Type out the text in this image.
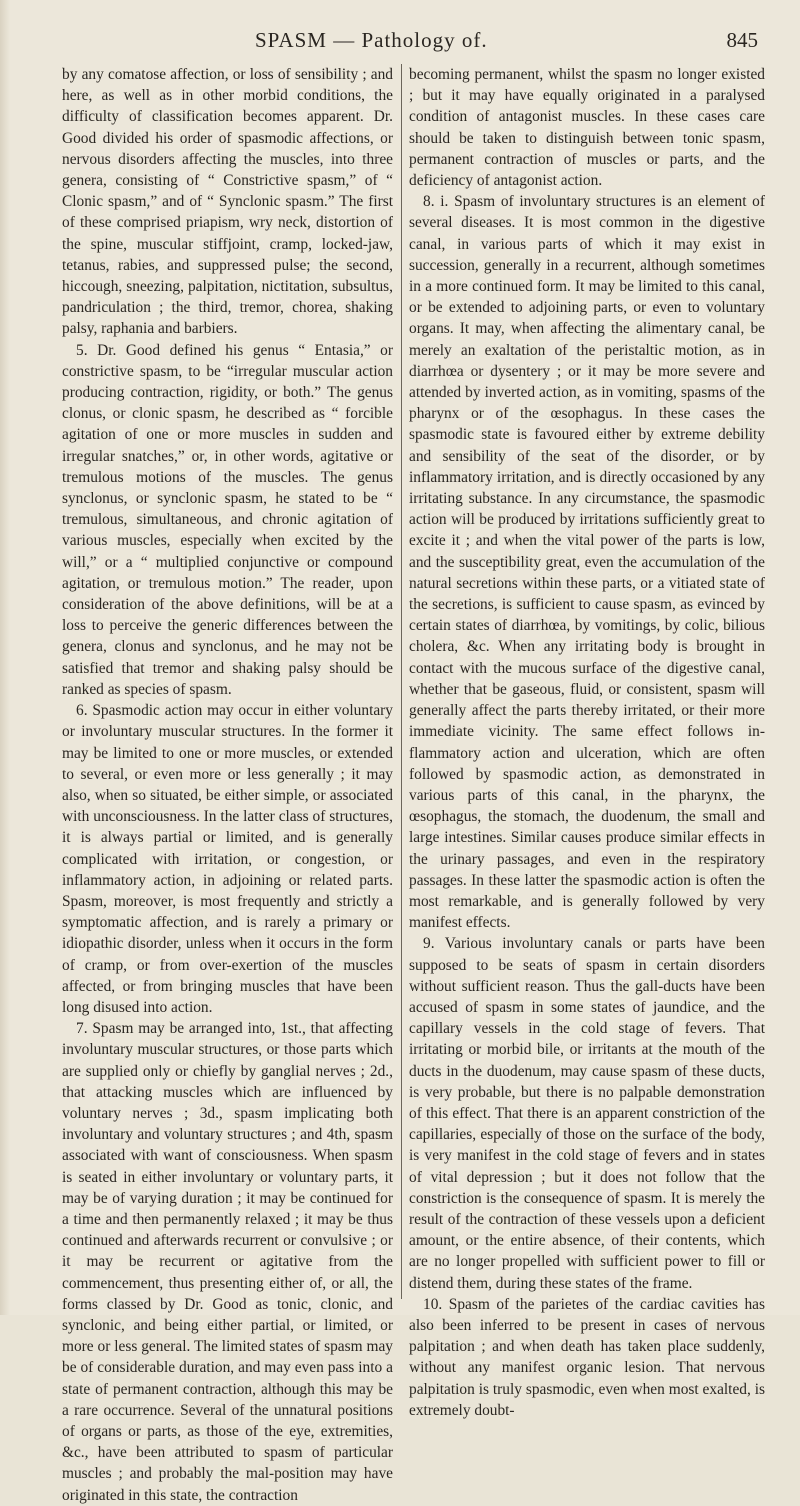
SPASM — Pathology of.	845

by any comatose affection, or loss of sensibility ; and here, as well as in other morbid conditions, the difficulty of classification becomes apparent. Dr. Good divided his order of spasmodic affections, or nervous disorders affecting the muscles, into three genera, consisting of “ Constrictive spasm,” of “ Clonic spasm,” and of “ Synclonic spasm.” The first of these comprised priapism, wry neck, distortion of the spine, muscular stiffjoint, cramp, locked-jaw, tetanus, rabies, and suppressed pulse; the second, hiccough, sneezing, palpitation, nictitation, subsultus, pandriculation ; the third, tremor, chorea, shaking palsy, raphania and barbiers.

5. Dr. Good defined his genus “ Entasia,” or constrictive spasm, to be “irregular muscular action producing contraction, rigidity, or both.” The genus clonus, or clonic spasm, he described as “ forcible agitation of one or more muscles in sudden and irregular snatches,” or, in other words, agitative or tremulous motions of the muscles. The genus synclonus, or synclonic spasm, he stated to be “ tremulous, simultaneous, and chronic agitation of various muscles, especially when excited by the will,” or a “ multiplied conjunctive or compound agitation, or tremulous motion.” The reader, upon consideration of the above definitions, will be at a loss to perceive the generic differences between the genera, clonus and synclonus, and he may not be satisfied that tremor and shaking palsy should be ranked as species of spasm.

6. Spasmodic action may occur in either voluntary or involuntary muscular structures. In the former it may be limited to one or more muscles, or extended to several, or even more or less generally ; it may also, when so situated, be either simple, or associated with unconsciousness. In the latter class of structures, it is always partial or limited, and is generally complicated with irritation, or congestion, or inflammatory action, in adjoining or related parts. Spasm, moreover, is most frequently and strictly a symptomatic affection, and is rarely a primary or idiopathic disorder, unless when it occurs in the form of cramp, or from over-exertion of the muscles affected, or from bringing muscles that have been long disused into action.

7. Spasm may be arranged into, 1st., that affecting involuntary muscular structures, or those parts which are supplied only or chiefly by ganglial nerves ; 2d., that attacking muscles which are influenced by voluntary nerves ; 3d., spasm implicating both involuntary and voluntary structures ; and 4th, spasm associated with want of consciousness. When spasm is seated in either involuntary or voluntary parts, it may be of varying duration ; it may be continued for a time and then permanently relaxed ; it may be thus continued and afterwards recurrent or convulsive ; or it may be recurrent or agitative from the commencement, thus presenting either of, or all, the forms classed by Dr. Good as tonic, clonic, and synclonic, and being either partial, or limited, or more or less general. The limited states of spasm may be of considerable duration, and may even pass into a state of permanent contraction, although this may be a rare occurrence. Several of the unnatural positions of organs or parts, as those of the eye, extremities, &c., have been attributed to spasm of particular muscles ; and probably the mal-position may have originated in this state, the contraction

becoming permanent, whilst the spasm no longer existed ; but it may have equally originated in a paralysed condition of antagonist muscles. In these cases care should be taken to distinguish between tonic spasm, permanent contraction of muscles or parts, and the deficiency of antagonist action.

8. i. Spasm of involuntary structures is an element of several diseases. It is most common in the digestive canal, in various parts of which it may exist in succession, generally in a recurrent, although sometimes in a more continued form. It may be limited to this canal, or be extended to adjoining parts, or even to voluntary organs. It may, when affecting the alimentary canal, be merely an exaltation of the peristaltic motion, as in diarrhœa or dysentery ; or it may be more severe and attended by inverted action, as in vomiting, spasms of the pharynx or of the œsophagus. In these cases the spasmodic state is favoured either by extreme debility and sensibility of the seat of the disorder, or by inflammatory irritation, and is directly occasioned by any irritating substance. In any circumstance, the spasmodic action will be produced by irritations sufficiently great to excite it ; and when the vital power of the parts is low, and the susceptibility great, even the accumulation of the natural secretions within these parts, or a vitiated state of the secretions, is sufficient to cause spasm, as evinced by certain states of diarrhœa, by vomitings, by colic, bilious cholera, &c. When any irritating body is brought in contact with the mucous surface of the digestive canal, whether that be gaseous, fluid, or consistent, spasm will generally affect the parts thereby irritated, or their more immediate vicinity. The same effect follows inflammatory action and ulceration, which are often followed by spasmodic action, as demonstrated in various parts of this canal, in the pharynx, the œsophagus, the stomach, the duodenum, the small and large intestines. Similar causes produce similar effects in the urinary passages, and even in the respiratory passages. In these latter the spasmodic action is often the most remarkable, and is generally followed by very manifest effects.

9. Various involuntary canals or parts have been supposed to be seats of spasm in certain disorders without sufficient reason. Thus the gall-ducts have been accused of spasm in some states of jaundice, and the capillary vessels in the cold stage of fevers. That irritating or morbid bile, or irritants at the mouth of the ducts in the duodenum, may cause spasm of these ducts, is very probable, but there is no palpable demonstration of this effect. That there is an apparent constriction of the capillaries, especially of those on the surface of the body, is very manifest in the cold stage of fevers and in states of vital depression ; but it does not follow that the constriction is the consequence of spasm. It is merely the result of the contraction of these vessels upon a deficient amount, or the entire absence, of their contents, which are no longer propelled with sufficient power to fill or distend them, during these states of the frame.

10. Spasm of the parietes of the cardiac cavities has also been inferred to be present in cases of nervous palpitation ; and when death has taken place suddenly, without any manifest organic lesion. That nervous palpitation is truly spasmodic, even when most exalted, is extremely doubt-
